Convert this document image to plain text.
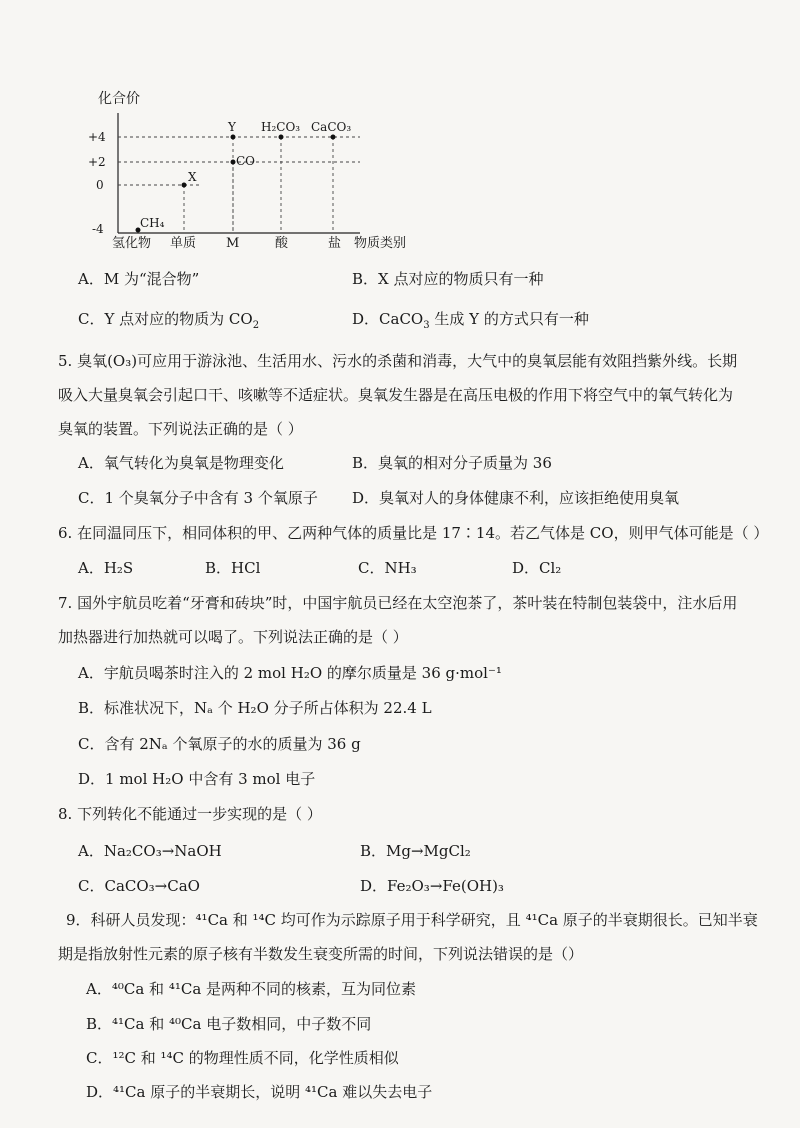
化合价
+4
+2
0
-4	CH₄
X
CO
Y H₂CO₃ CaCO₃
氢化物 单质 M	酸	盐 物质类别
A．M 为“混合物”	B．X 点对应的物质只有一种
C．Y 点对应的物质为 $CO_2$	D．CaCO$_3$ 生成 Y 的方式只有一种
5. 臭氧(O₃)可应用于游泳池、生活用水、污水的杀菌和消毒，大气中的臭氧层能有效阻挡紫外线。长期
吸入大量臭氧会引起口干、咳嗽等不适症状。臭氧发生器是在高压电极的作用下将空气中的氧气转化为
臭氧的装置。下列说法正确的是（ ）
A．氧气转化为臭氧是物理变化	B．臭氧的相对分子质量为 36
C．1 个臭氧分子中含有 3 个氧原子 D．臭氧对人的身体健康不利，应该拒绝使用臭氧
6. 在同温同压下，相同体积的甲、乙两种气体的质量比是 17∶14。若乙气体是 CO，则甲气体可能是（ ）
A．H₂S	B．HCl	C．NH₃	D．Cl₂
7. 国外宇航员吃着“牙膏和砖块”时，中国宇航员已经在太空泡茶了，茶叶装在特制包装袋中，注水后用
加热器进行加热就可以喝了。下列说法正确的是（ ）
A．宇航员喝茶时注入的 2 mol H₂O 的摩尔质量是 36 g·mol⁻¹
B．标准状况下，Nₐ 个 H₂O 分子所占体积为 22.4 L
C．含有 2Nₐ 个氧原子的水的质量为 36 g
D．1 mol H₂O 中含有 3 mol 电子
8. 下列转化不能通过一步实现的是（ ）
A．Na₂CO₃→NaOH	B．Mg→MgCl₂
C．CaCO₃→CaO	D．Fe₂O₃→Fe(OH)₃
9．科研人员发现：⁴¹Ca 和 ¹⁴C 均可作为示踪原子用于科学研究，且 ⁴¹Ca 原子的半衰期很长。已知半衰
期是指放射性元素的原子核有半数发生衰变所需的时间，下列说法错误的是（）
A．⁴⁰Ca 和 ⁴¹Ca 是两种不同的核素，互为同位素
B．⁴¹Ca 和 ⁴⁰Ca 电子数相同，中子数不同
C．¹²C 和 ¹⁴C 的物理性质不同，化学性质相似
D．⁴¹Ca 原子的半衰期长，说明 ⁴¹Ca 难以失去电子
